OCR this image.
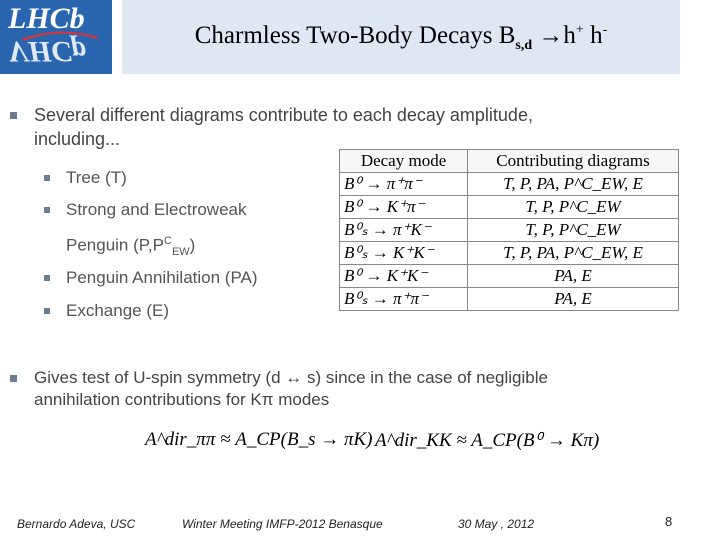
LHCb
VHCp	Charmless Two-Body Decays $B_{s,d} \to h^+$ h-
Several different diagrams contribute to each decay amplitude,
including...
Tree (T)
Strong and Electroweak
Penguin $(P,P^C_{EW})$
Penguin Annihilation (PA)
Exchange (E)
Decay mode	Contributing diagrams
B⁰ → π⁺π⁻	T, P, PA, P^C_EW, E
B⁰ → K⁺π⁻	T, P, P^C_EW
B⁰ₛ → π⁺K⁻	T, P, P^C_EW
B⁰ₛ → K⁺K⁻	T, P, PA, P^C_EW, E
B⁰ → K⁺K⁻	PA, E
B⁰ₛ → π⁺π⁻	PA, E
Gives test of U-spin symmetry (d ↔ s) since in the case of negligible
annihilation contributions for Kπ modes
A^dir_ππ ≈ A_CP(B_s → πK) A^dir_KK ≈ A_CP(B⁰ → Kπ)
Bernardo Adeva, USC	Winter Meeting IMFP-2012 Benasque	30 May , 2012	8
